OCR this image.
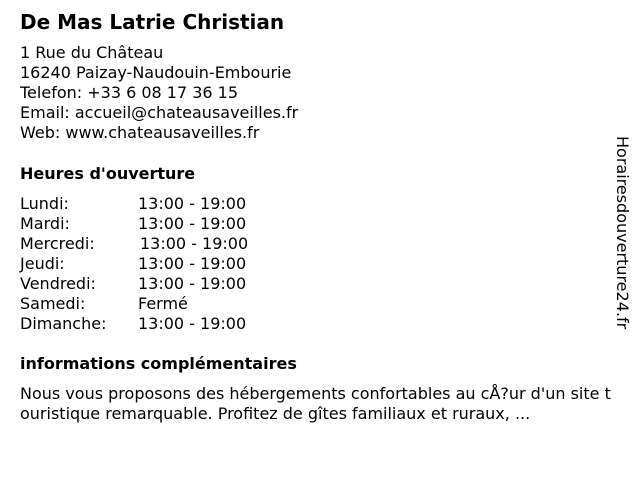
De Mas Latrie Christian
1 Rue du Château
16240 Paizay-Naudouin-Embourie
Telefon: +33 6 08 17 36 15
Email: accueil@chateausaveilles.fr
Web: www.chateausaveilles.fr
Heures d'ouverture
Lundi:	13:00 - 19:00
Mardi:	13:00 - 19:00
Mercredi:	13:00 - 19:00
Jeudi:	13:00 - 19:00
Vendredi:	13:00 - 19:00
Samedi:	Fermé
Dimanche: 13:00 - 19:00
informations complémentaires
Nous vous proposons des hébergements confortables au cÅ?ur d'un site touristique remarquable. Profitez de gîtes familiaux et ruraux, ...
Horairesdouverture24.fr
